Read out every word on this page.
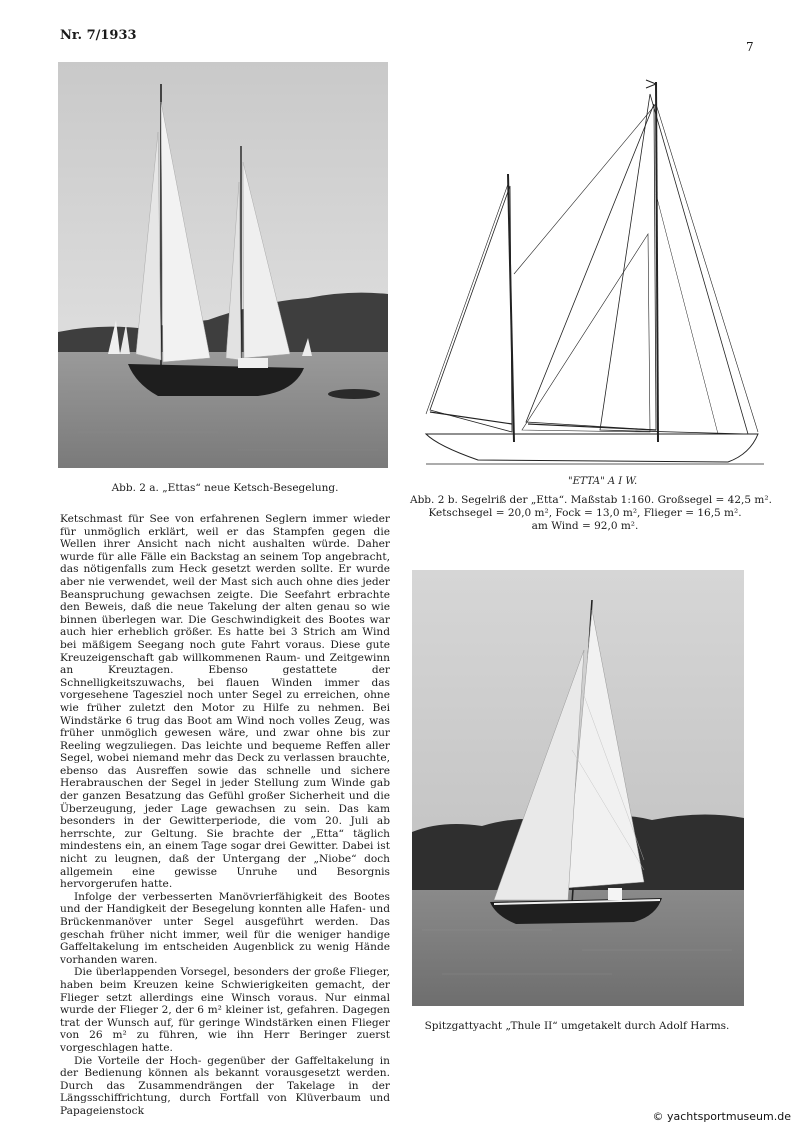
Nr. 7/1933
7
Abb. 2 a. „Ettas“ neue Ketsch-Besegelung.
"ETTA" A I W.
Abb. 2 b. Segelriß der „Etta“. Maßstab 1:160. Großsegel = 42,5 m².
Ketschsegel = 20,0 m², Fock = 13,0 m², Flieger = 16,5 m².
am Wind = 92,0 m².

Ketschmast für See von erfahrenen Seglern immer wieder für unmöglich erklärt, weil er das Stampfen gegen die Wellen ihrer Ansicht nach nicht aushalten würde. Daher wurde für alle Fälle ein Backstag an seinem Top angebracht, das nötigenfalls zum Heck gesetzt werden sollte. Er wurde aber nie verwendet, weil der Mast sich auch ohne dies jeder Beanspruchung gewachsen zeigte. Die Seefahrt erbrachte den Beweis, daß die neue Takelung der alten genau so wie binnen überlegen war. Die Geschwindigkeit des Bootes war auch hier erheblich größer. Es hatte bei 3 Strich am Wind bei mäßigem Seegang noch gute Fahrt voraus. Diese gute Kreuzeigenschaft gab willkommenen Raum- und Zeitgewinn an Kreuztagen. Ebenso gestattete der Schnelligkeitszuwachs, bei flauen Winden immer das vorgesehene Tagesziel noch unter Segel zu erreichen, ohne wie früher zuletzt den Motor zu Hilfe zu nehmen. Bei Windstärke 6 trug das Boot am Wind noch volles Zeug, was früher unmöglich gewesen wäre, und zwar ohne bis zur Reeling wegzuliegen. Das leichte und bequeme Reffen aller Segel, wobei niemand mehr das Deck zu verlassen brauchte, ebenso das Ausreffen sowie das schnelle und sichere Herabrauschen der Segel in jeder Stellung zum Winde gab der ganzen Besatzung das Gefühl großer Sicherheit und die Überzeugung, jeder Lage gewachsen zu sein. Das kam besonders in der Gewitterperiode, die vom 20. Juli ab herrschte, zur Geltung. Sie brachte der „Etta“ täglich mindestens ein, an einem Tage sogar drei Gewitter. Dabei ist nicht zu leugnen, daß der Untergang der „Niobe“ doch allgemein eine gewisse Unruhe und Besorgnis hervorgerufen hatte.

Infolge der verbesserten Manövrierfähigkeit des Bootes und der Handigkeit der Besegelung konnten alle Hafen- und Brückenmanöver unter Segel ausgeführt werden. Das geschah früher nicht immer, weil für die weniger handige Gaffeltakelung im entscheiden Augenblick zu wenig Hände vorhanden waren.

Die überlappenden Vorsegel, besonders der große Flieger, haben beim Kreuzen keine Schwierigkeiten gemacht, der Flieger setzt allerdings eine Winsch voraus. Nur einmal wurde der Flieger 2, der 6 m² kleiner ist, gefahren. Dagegen trat der Wunsch auf, für geringe Windstärken einen Flieger von 26 m² zu führen, wie ihn Herr Beringer zuerst vorgeschlagen hatte.

Die Vorteile der Hoch- gegenüber der Gaffeltakelung in der Bedienung können als bekannt vorausgesetzt werden. Durch das Zusammendrängen der Takelage in der Längsschiffrichtung, durch Fortfall von Klüverbaum und Papageienstock

Spitzgattyacht „Thule II“ umgetakelt durch Adolf Harms.
© yachtsportmuseum.de
